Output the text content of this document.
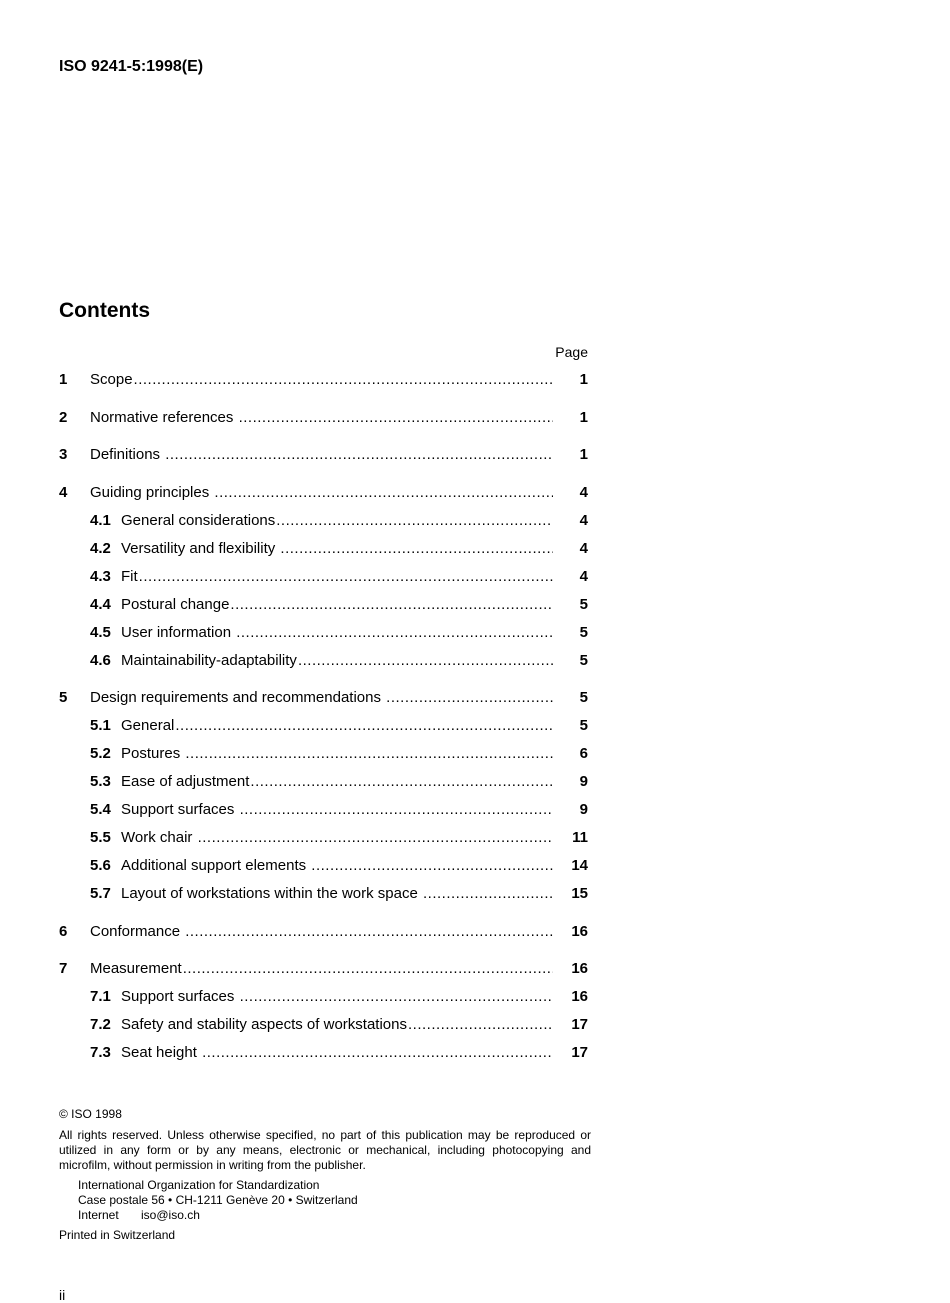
ISO 9241-5:1998(E)
Contents
Page
1 Scope .....	1
2 Normative references  .....	1
3 Definitions  .....	1
4 Guiding principles  .....	4
4.1 General considerations .....	4
4.2 Versatility and flexibility  .....	4
4.3 Fit .....	4
4.4 Postural change .....	5
4.5 User information  .....	5
4.6 Maintainability-adaptability .....	5
5 Design requirements and recommendations  .....	5
5.1 General .....	5
5.2 Postures  .....	6
5.3 Ease of adjustment .....	9
5.4 Support surfaces  .....	9
5.5 Work chair  .....	11
5.6 Additional support elements  .....	14
5.7 Layout of workstations within the work space  .....	15
6 Conformance  .....	16
7 Measurement .....	16
7.1 Support surfaces  .....	16
7.2 Safety and stability aspects of workstations .....	17
7.3 Seat height  .....	17
© ISO 1998
All rights reserved. Unless otherwise specified, no part of this publication may be reproduced or utilized in any form or by any means, electronic or mechanical, including photocopying and microfilm, without permission in writing from the publisher.
International Organization for Standardization
Case postale 56 • CH-1211 Genève 20 • Switzerland
Internet iso@iso.ch
Printed in Switzerland
ii
